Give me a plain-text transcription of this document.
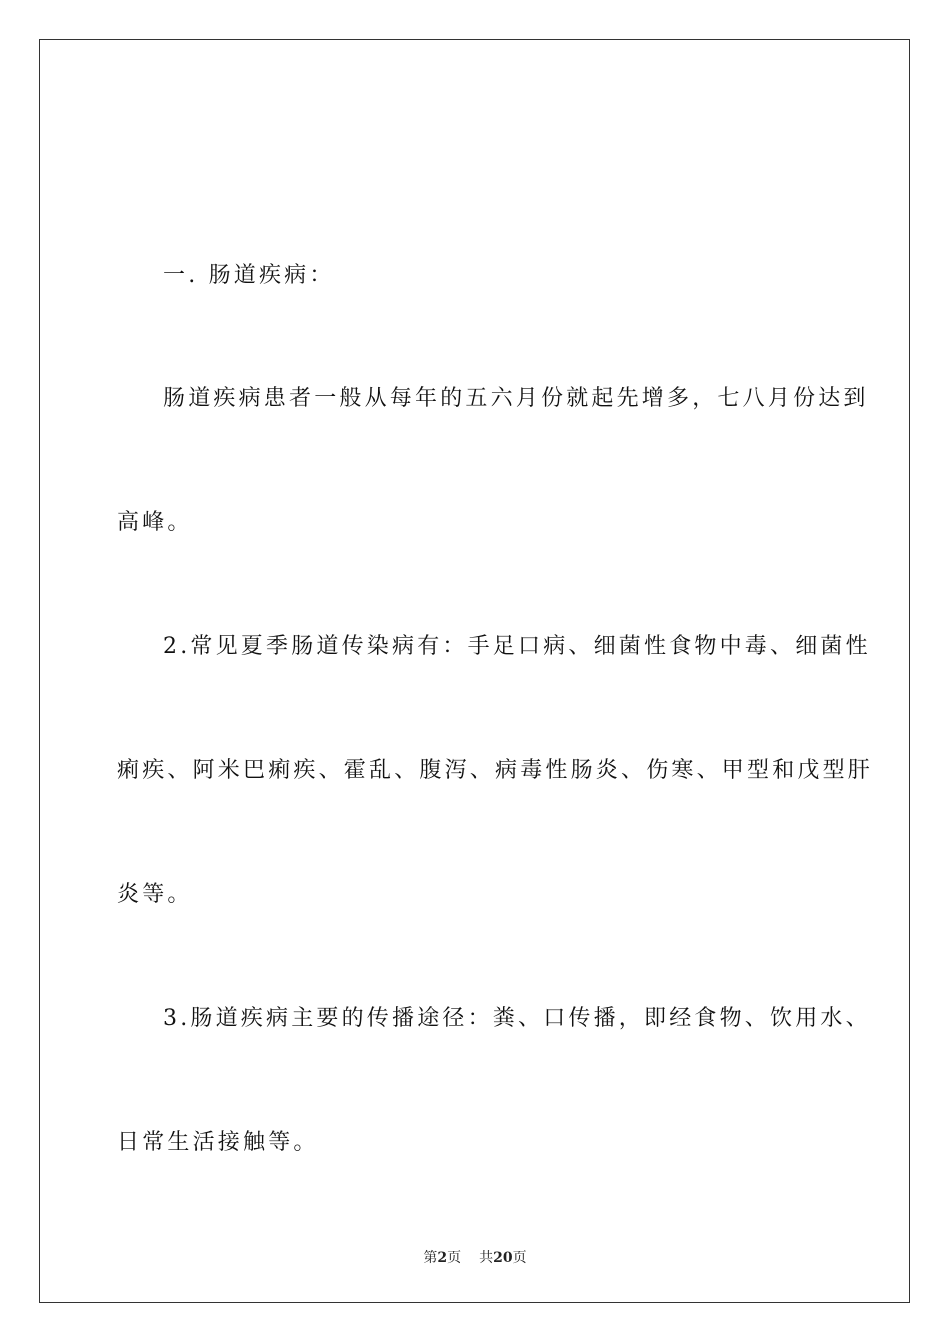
一. 肠道疾病：
肠道疾病患者一般从每年的五六月份就起先增多，七八月份达到
高峰。
2.常见夏季肠道传染病有：手足口病、细菌性食物中毒、细菌性
痢疾、阿米巴痢疾、霍乱、腹泻、病毒性肠炎、伤寒、甲型和戊型肝
炎等。
3.肠道疾病主要的传播途径：粪、口传播，即经食物、饮用水、
日常生活接触等。
第2页 共20页
